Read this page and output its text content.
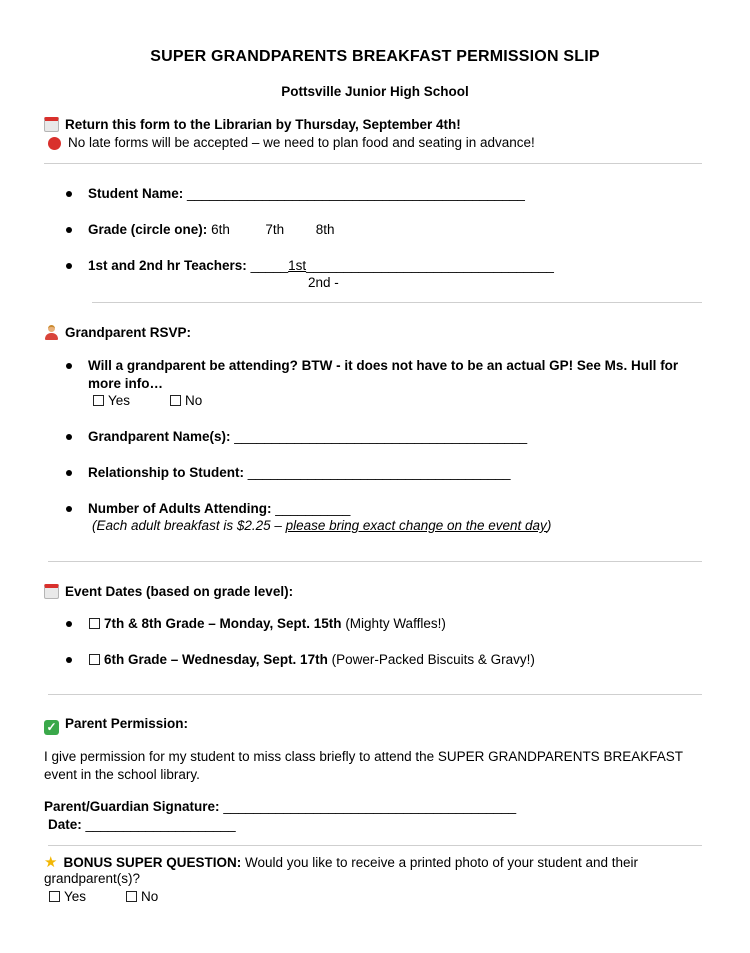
SUPER GRANDPARENTS BREAKFAST PERMISSION SLIP
Pottsville Junior High School
Return this form to the Librarian by Thursday, September 4th!
No late forms will be accepted – we need to plan food and seating in advance!
Student Name: _____________________________________________
Grade (circle one): 6th	7th 8th
1st and 2nd hr Teachers: _____1st_________________________________
2nd -
Grandparent RSVP:
Will a grandparent be attending? BTW - it does not have to be an actual GP! See Ms. Hull for
more info…
Yes	No
Grandparent Name(s): _______________________________________
Relationship to Student: ___________________________________
Number of Adults Attending: __________
(Each adult breakfast is $2.25 – please bring exact change on the event day)
Event Dates (based on grade level):
7th & 8th Grade – Monday, Sept. 15th (Mighty Waffles!)
6th Grade – Wednesday, Sept. 17th (Power-Packed Biscuits & Gravy!)
✓ Parent Permission:
I give permission for my student to miss class briefly to attend the SUPER GRANDPARENTS BREAKFAST
event in the school library.
Parent/Guardian Signature: _______________________________________
Date: ____________________
★ BONUS SUPER QUESTION: Would you like to receive a printed photo of your student and their
grandparent(s)?
Yes	No
